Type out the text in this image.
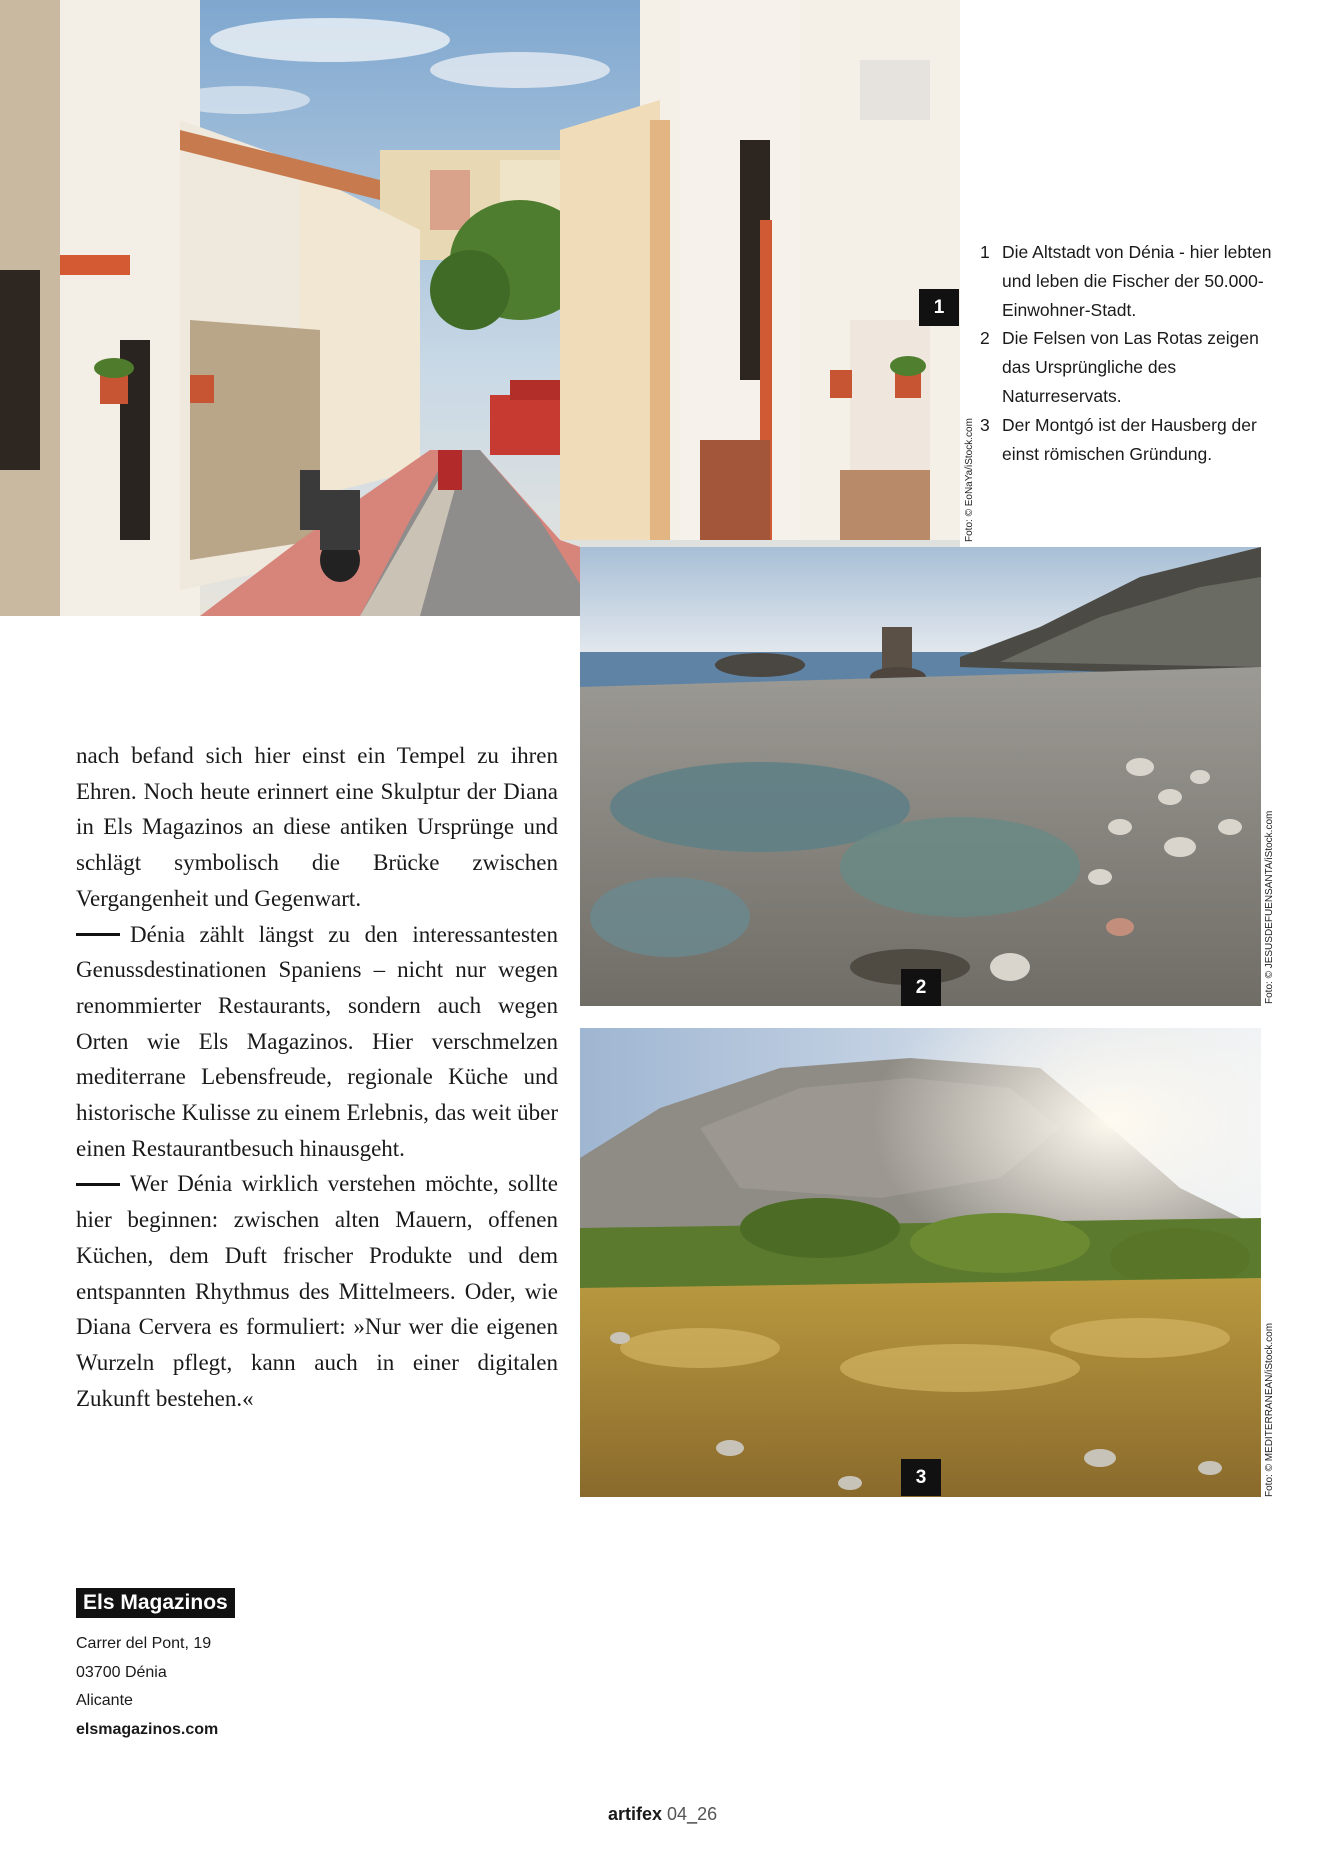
1
Foto: © EoNaYa/iStock.com
1 Die Altstadt von Dénia - hier lebten und leben die Fischer der 50.000-Einwohner-Stadt.
2 Die Felsen von Las Rotas zeigen das Ursprüngliche des Naturreservats.
3 Der Montgó ist der Hausberg der einst römischen Gründung.
2	Foto: © JESUSDEFUENSANTA/iStock.com
3	Foto: © MEDITERRANEAN/iStock.com

nach befand sich hier einst ein Tempel zu ihren Ehren. Noch heute erinnert eine Skulptur der Diana in Els Magazinos an diese antiken Ursprünge und schlägt symbolisch die Brücke zwischen Vergangenheit und Gegenwart.

Dénia zählt längst zu den interessantesten Genussdestinationen Spaniens – nicht nur wegen renommierter Restaurants, sondern auch wegen Orten wie Els Magazinos. Hier verschmelzen mediterrane Lebensfreude, regionale Küche und historische Kulisse zu einem Erlebnis, das weit über einen Restaurantbesuch hinausgeht.

Wer Dénia wirklich verstehen möchte, sollte hier beginnen: zwischen alten Mauern, offenen Küchen, dem Duft frischer Produkte und dem entspannten Rhythmus des Mittelmeers. Oder, wie Diana Cervera es formuliert: »Nur wer die eigenen Wurzeln pflegt, kann auch in einer digitalen Zukunft bestehen.«

Els Magazinos
Carrer del Pont, 19
03700 Dénia
Alicante
elsmagazinos.com
artifex 04_26
